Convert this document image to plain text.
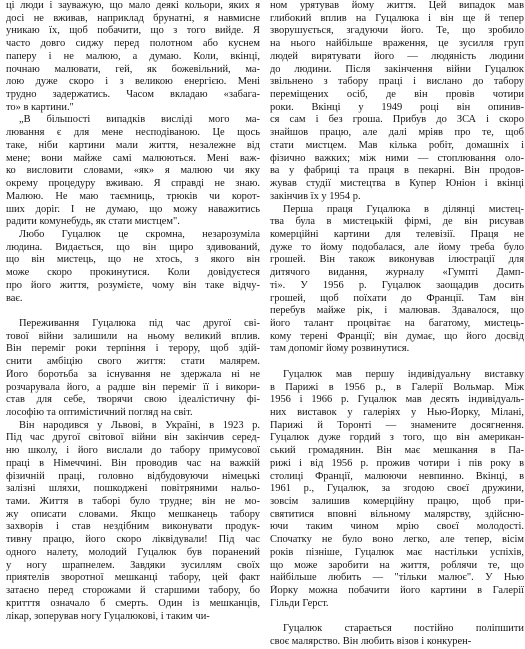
ці люди і зауважую, що мало деякі кольори, яких я
досі не вживав, наприклад брунатні, я навмисне
уникаю їх, щоб побачити, що з того вийде. Я
часто довго сиджу перед полотном або куснем
паперу і не малюю, а думаю. Коли, вкінці,
почнаю малювати, гей, як божевільний, ма-
лою дуже скоро і з великою енергією. Мені
трудно задержатись. Часом вкладаю «забага-
то» в картини."
„В більшості випадків вислідi мого ма-
лювання є для мене несподіваною. Це щось
таке, ніби картини мали життя, незалежне від
мене; вони майже самі малюються. Мені важ-
ко висловити словами, «як» я малюю чи яку
окрему процедуру вживаю. Я справді не знаю.
Малюю. Не маю таємниць, трюків чи корот-
ших доріг. І не думаю, що можу наважитись
радити комунебудь, як стати мистцем".
Любо Гуцалюк це скромна, незарозуміла
людина. Видається, що він щиро здивований,
що він мистець, що не хтось, з якого він
може скоро прокинутися. Коли довідуєтеся
про його життя, розумієте, чому він таке відчу-
ває.
Переживання Гуцалюка під час другої сві-
тової війни залишили на ньому великий вплив.
Він переміг роки терпіння і терору, щоб здій-
снити амбіцію свого життя: стати малярем.
Його боротьба за існування не здержала ні не
розчарувала його, а радше він переміг її і викори-
став для себе, творячи свою ідеалістичну фі-
лософію та оптимістичний погляд на світ.
Він народився у Львові, в Україні, в 1923 р.
Під час другої світової війни він закінчив серед-
ню школу, і його вислали до табору примусової
праці в Німеччині. Він проводив час на важкій
фізичній праці, головно відбудовуючи німецькі
залізні шляхи, пошкоджені повітряними нальо-
тами. Життя в таборі було трудне; він не мо-
жу описати словами. Якщо мешканець табору
захворів і став нездібним виконувати продук-
тивну працю, його скоро ліквідували! Під час
одного налету, молодий Гуцалюк був поранений
у ногу шрапнелем. Завдяки зусиллям своїх
приятелів зворотної мешканці табору, цей факт
затаєно перед сторожами й старшими табору, бо
критття означало б смерть. Один із мешканців,
лікар, зоперував ногу Гуцалюкові, і таким чи-
ном урятував йому життя. Цей випадок мав
глибокий вплив на Гуцалюка і він ще й тепер
зворушується, згадуючи його. Те, що зробило
на нього найбільше враження, це зусилля груп
людей вирятувати його — людяність людини
до людини. Після закінчення війни Гуцалюк
звільнено з табору праці і вислано до табору
переміщених осіб, де він провів чотири
роки. Вкінці у 1949 році він опинив-
ся сам і без гроша. Прибув до ЗСА і скоро
знайшов працю, але далі мріяв про те, щоб
стати мистцем. Мав кілька робіт, домашніх і
фізично важких; між ними — стоплювання оло-
ва у фабриці та праця в пекарні. Він продов-
жував студії мистецтва в Купер Юніон і вкінці
закінчив їх у 1954 р.
Перша праця Гуцалюка в ділянці мистец-
тва була в мистецькій фірмі, де він рисував
комерційні картини для телевізії. Праця не
дуже то йому подобалася, але йому треба було
грошей. Він також виконував ілюстрації для
дитячого видання, журналу «Гумпті Дамп-
ті». У 1956 р. Гуцалюк заощадив досить
грошей, щоб поїхати до Франції. Там він
перебув майже рік, і малював. Здавалося, що
його талант процвітає на багатому, мистець-
кому терені Франції; він думає, що його досвід
там допоміг йому розвинутися.
Гуцалюк мав першу індивідуальну виставку
в Парижі в 1956 р., в Галерії Вольмар. Між
1956 і 1966 р. Гуцалюк мав десять індивідуаль-
них виставок у галеріях у Нью-Йорку, Мілані,
Парижі й Торонті — знамените досягнення.
Гуцалюк дуже гордий з того, що він американ-
ський громадянин. Він має мешкання в Па-
рижі і від 1956 р. прожив чотири і пів року в
столиці Франції, малюючи невпинно. Вкінці, в
1961 р., Гуцалюк, за згодою своєї дружини,
зовсім залишив комерційну працю, щоб при-
святитися вповні вільному малярству, здійсню-
ючи таким чином мрію своєї молодості.
Спочатку не було воно легко, але тепер, вісім
років пізніше, Гуцалюк має настільки успіхів,
що може заробити на життя, роблячи те, що
найбільше любить — "тільки малює". У Нью
Йорку можна побачити його картини в Галерії
Гільди Герст.
Гуцалюк старається постійно поліпшити
своє малярство. Він любить візов і конкурен-
